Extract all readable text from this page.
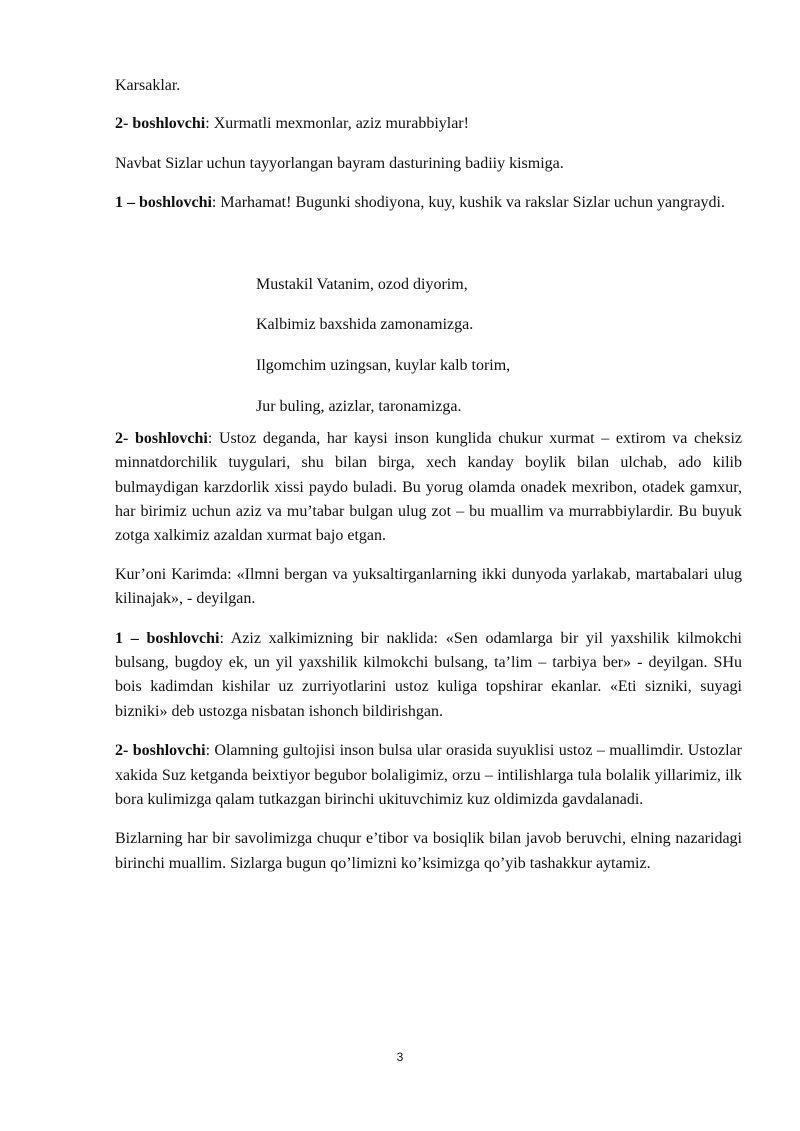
Karsaklar.

2- boshlovchi: Xurmatli mexmonlar, aziz murabbiylar!

Navbat Sizlar uchun tayyorlangan bayram dasturining badiiy kismiga.

1 – boshlovchi: Marhamat! Bugunki shodiyona, kuy, kushik va rakslar Sizlar uchun yangraydi.

Mustakil Vatanim, ozod diyorim,
Kalbimiz baxshida zamonamizga.
Ilgomchim uzingsan, kuylar kalb torim,
Jur buling, azizlar, taronamizga.

2- boshlovchi: Ustoz deganda, har kaysi inson kunglida chukur xurmat – extirom va cheksiz minnatdorchilik tuygulari, shu bilan birga, xech kanday boylik bilan ulchab, ado kilib bulmaydigan karzdorlik xissi paydo buladi. Bu yorug olamda onadek mexribon, otadek gamxur, har birimiz uchun aziz va mu’tabar bulgan ulug zot – bu muallim va murrabbiylardir. Bu buyuk zotga xalkimiz azaldan xurmat bajo etgan.

Kur’oni Karimda: «Ilmni bergan va yuksaltirganlarning ikki dunyoda yarlakab, martabalari ulug kilinajak», - deyilgan.

1 – boshlovchi: Aziz xalkimizning bir naklida: «Sen odamlarga bir yil yaxshilik kilmokchi bulsang, bugdoy ek, un yil yaxshilik kilmokchi bulsang, ta’lim – tarbiya ber» - deyilgan. SHu bois kadimdan kishilar uz zurriyotlarini ustoz kuliga topshirar ekanlar. «Eti sizniki, suyagi bizniki» deb ustozga nisbatan ishonch bildirishgan.

2- boshlovchi: Olamning gultojisi inson bulsa ular orasida suyuklisi ustoz – muallimdir. Ustozlar xakida Suz ketganda beixtiyor begubor bolaligimiz, orzu – intilishlarga tula bolalik yillarimiz, ilk bora kulimizga qalam tutkazgan birinchi ukituvchimiz kuz oldimizda gavdalanadi.

Bizlarning har bir savolimizga chuqur e’tibor va bosiqlik bilan javob beruvchi, elning nazaridagi birinchi muallim. Sizlarga bugun qo’limizni ko’ksimizga qo’yib tashakkur aytamiz.

3
